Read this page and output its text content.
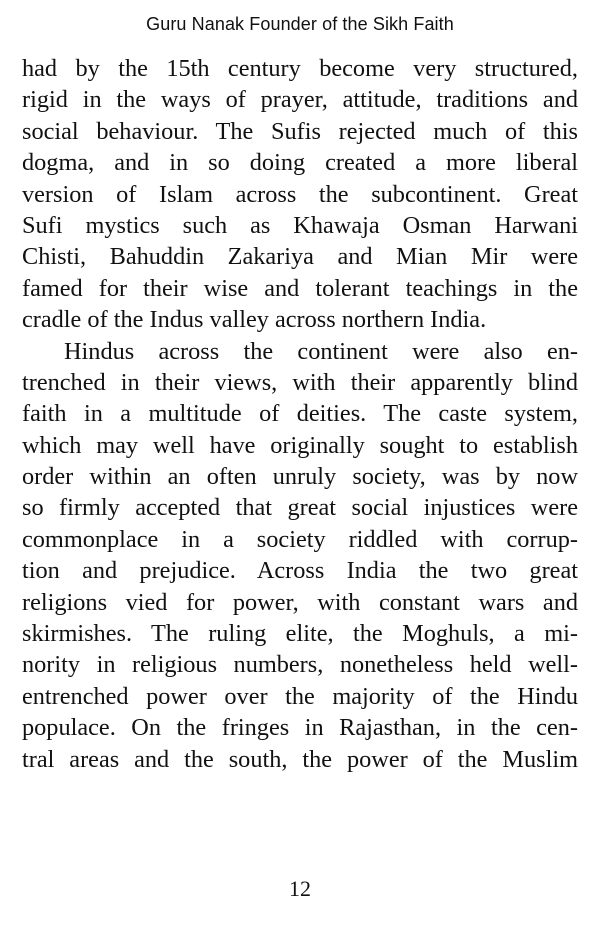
Guru Nanak Founder of the Sikh Faith
had by the 15th century become very structured,
rigid in the ways of prayer, attitude, traditions and
social behaviour. The Sufis rejected much of this
dogma, and in so doing created a more liberal
version of Islam across the subcontinent. Great
Sufi mystics such as Khawaja Osman Harwani
Chisti, Bahuddin Zakariya and Mian Mir were
famed for their wise and tolerant teachings in the
cradle of the Indus valley across northern India.
Hindus across the continent were also en-
trenched in their views, with their apparently blind
faith in a multitude of deities. The caste system,
which may well have originally sought to establish
order within an often unruly society, was by now
so firmly accepted that great social injustices were
commonplace in a society riddled with corrup-
tion and prejudice. Across India the two great
religions vied for power, with constant wars and
skirmishes. The ruling elite, the Moghuls, a mi-
nority in religious numbers, nonetheless held well-
entrenched power over the majority of the Hindu
populace. On the fringes in Rajasthan, in the cen-
tral areas and the south, the power of the Muslim
12
